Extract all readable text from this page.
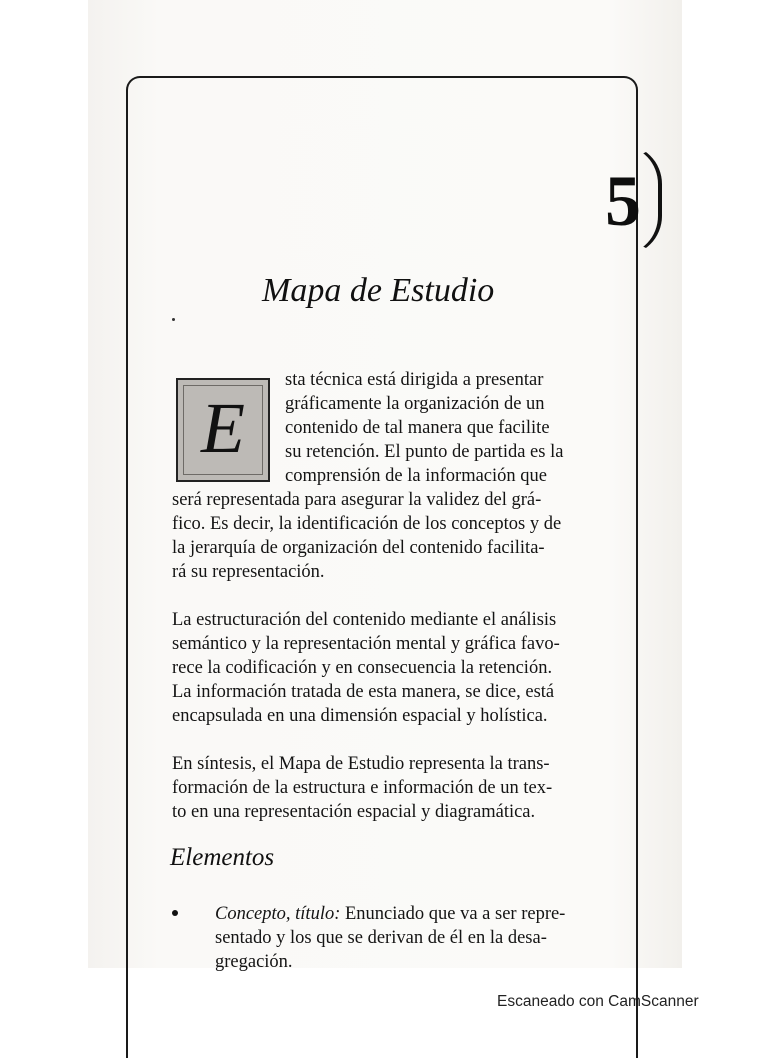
5
Mapa de Estudio
E
sta técnica está dirigida a presentar
gráficamente la organización de un
contenido de tal manera que facilite
su retención. El punto de partida es la
comprensión de la información que
será representada para asegurar la validez del grá-
fico. Es decir, la identificación de los conceptos y de
la jerarquía de organización del contenido facilita-
rá su representación.
La estructuración del contenido mediante el análisis
semántico y la representación mental y gráfica favo-
rece la codificación y en consecuencia la retención.
La información tratada de esta manera, se dice, está
encapsulada en una dimensión espacial y holística.
En síntesis, el Mapa de Estudio representa la trans-
formación de la estructura e información de un tex-
to en una representación espacial y diagramática.
Elementos
Concepto, título: Enunciado que va a ser repre-
sentado y los que se derivan de él en la desa-
gregación.
Escaneado con CamScanner
